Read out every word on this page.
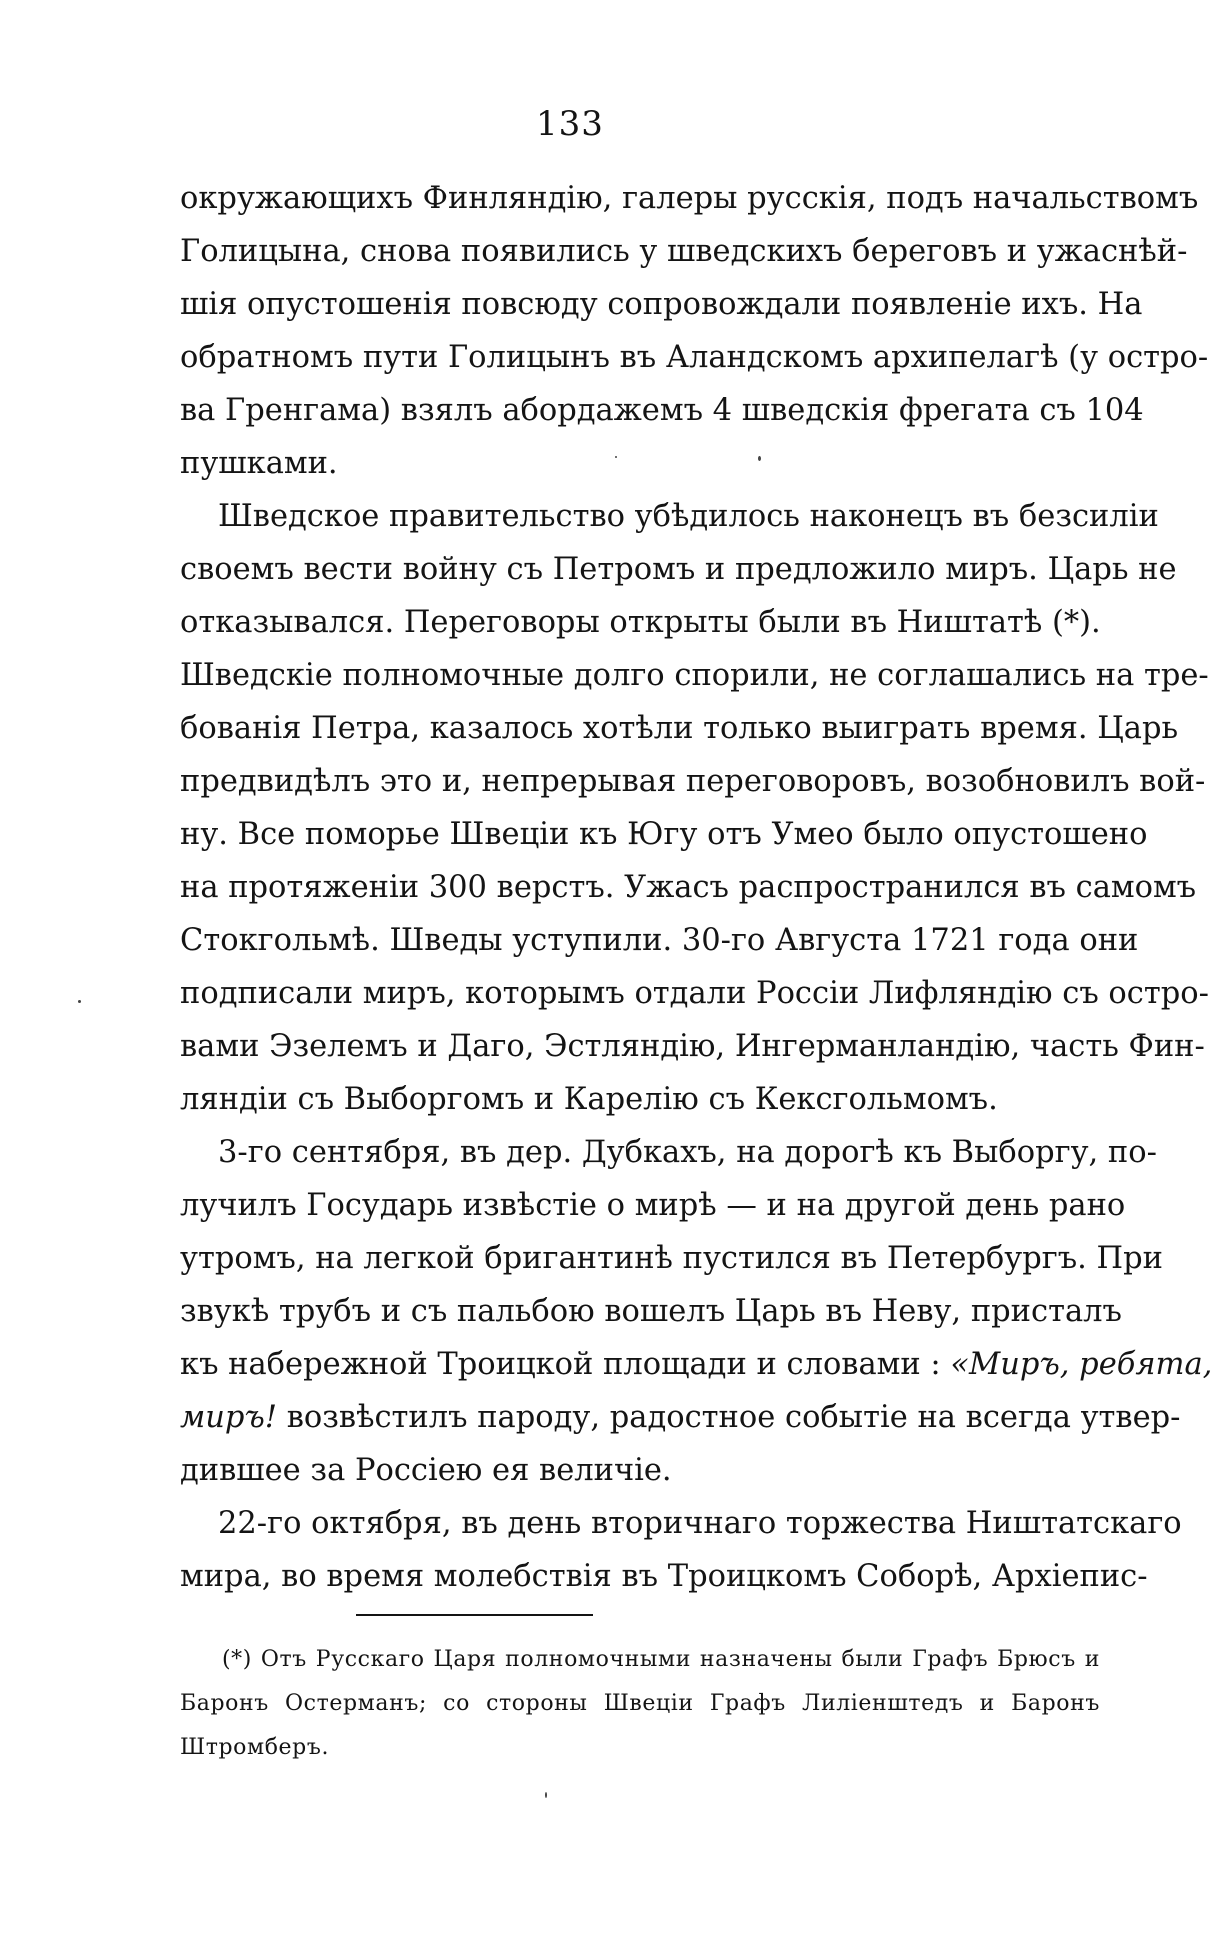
133
окружающихъ Финляндію, галеры русскія, подъ начальствомъ
Голицына, снова появились у шведскихъ береговъ и ужаснѣй-
шія опустошенія повсюду сопровождали появленіе ихъ. На
обратномъ пути Голицынъ въ Аландскомъ архипелагѣ (у остро-
ва Гренгама) взялъ абордажемъ 4 шведскія фрегата съ 104
пушками.
Шведское правительство убѣдилось наконецъ въ безсиліи
своемъ вести войну съ Петромъ и предложило миръ. Царь не
отказывался. Переговоры открыты были въ Ништатѣ (*).
Шведскіе полномочные долго спорили, не соглашались на тре-
бованія Петра, казалось хотѣли только выиграть время. Царь
предвидѣлъ это и, непрерывая переговоровъ, возобновилъ вой-
ну. Все поморье Швеціи къ Югу отъ Умео было опустошено
на протяженіи 300 верстъ. Ужасъ распространился въ самомъ
Стокгольмѣ. Шведы уступили. 30-го Августа 1721 года они
подписали миръ, которымъ отдали Россіи Лифляндію съ остро-
вами Эзелемъ и Даго, Эстляндію, Ингерманландію, часть Фин-
ляндіи съ Выборгомъ и Карелію съ Кексгольмомъ.
3-го сентября, въ дер. Дубкахъ, на дорогѣ къ Выборгу, по-
лучилъ Государь извѣстіе о мирѣ — и на другой день рано
утромъ, на легкой бригантинѣ пустился въ Петербургъ. При
звукѣ трубъ и съ пальбою вошелъ Царь въ Неву, присталъ
къ набережной Троицкой площади и словами : «Миръ, ребята,
миръ! возвѣстилъ пароду, радостное событіе на всегда утвер-
дившее за Россіею ея величіе.
22-го октября, въ день вторичнаго торжества Ништатскаго
мира, во время молебствія въ Троицкомъ Соборѣ, Архіепис-
(*) Отъ Русскаго Царя полномочными назначены были Графъ Брюсъ и
Баронъ Остерманъ; со стороны Швеціи Графъ Лиліенштедъ и Баронъ
Штромберъ.
